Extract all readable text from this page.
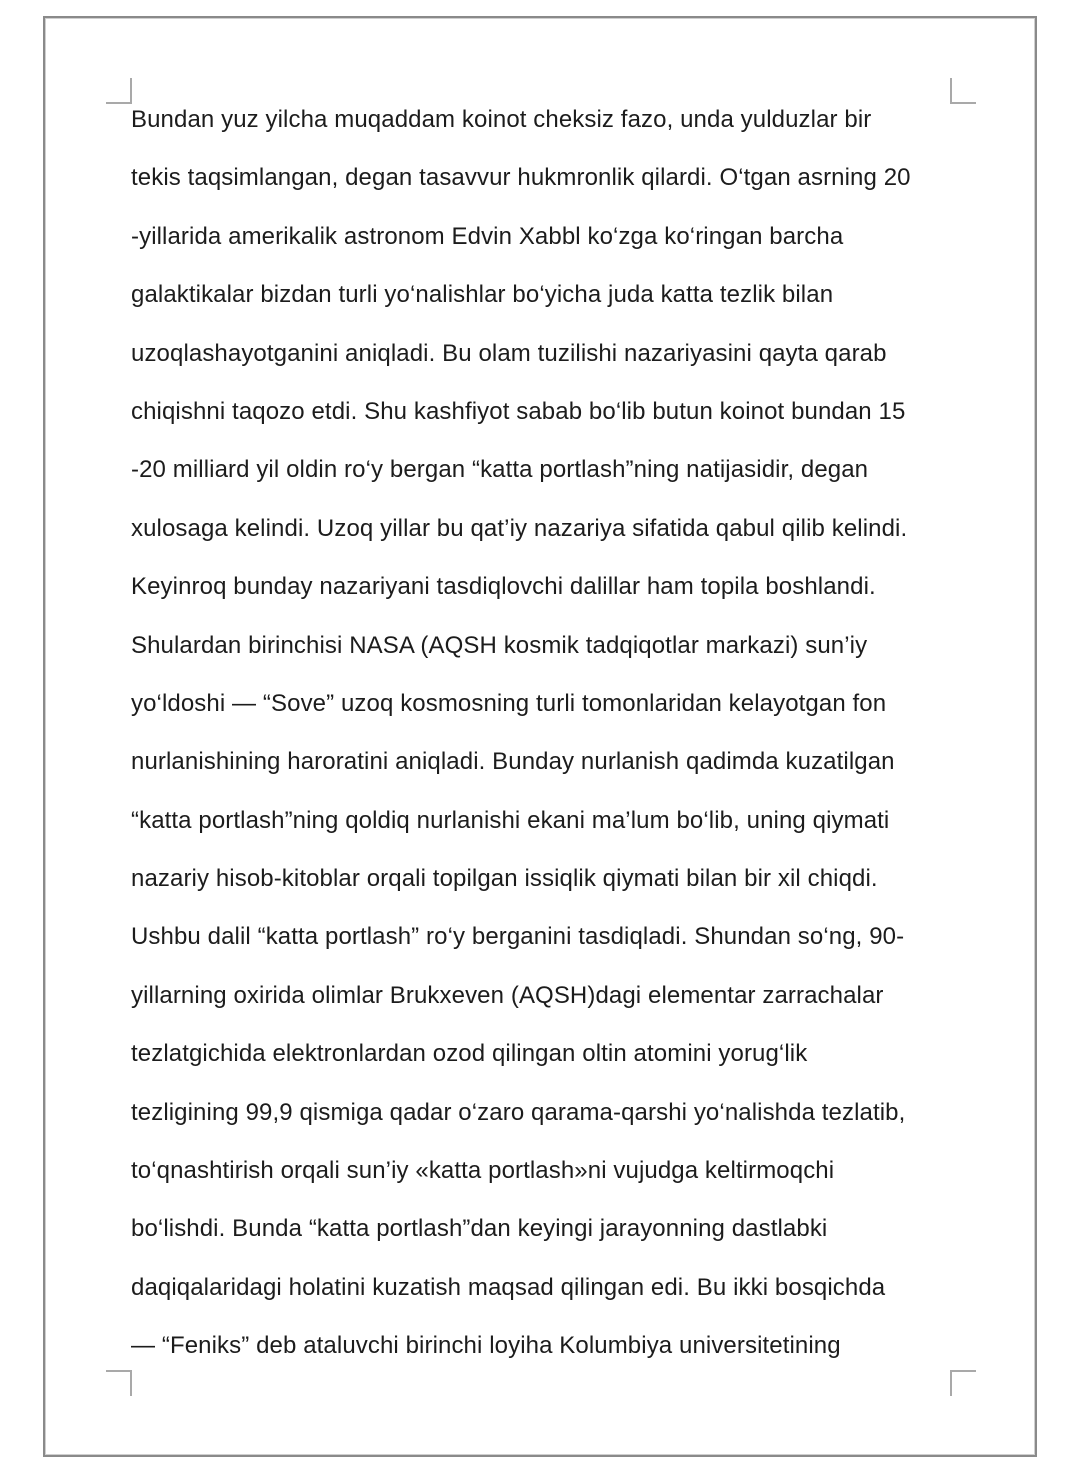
Bundan yuz yilcha muqaddam koinot cheksiz fazo, unda yulduzlar bir
tekis taqsimlangan, degan tasavvur hukmronlik qilardi. O‘tgan asrning 20
-yillarida amerikalik astronom Edvin Xabbl ko‘zga ko‘ringan barcha
galaktikalar bizdan turli yo‘nalishlar bo‘yicha juda katta tezlik bilan
uzoqlashayotganini aniqladi. Bu olam tuzilishi nazariyasini qayta qarab
chiqishni taqozo etdi. Shu kashfiyot sabab bo‘lib butun koinot bundan 15
-20 milliard yil oldin ro‘y bergan “katta portlash”ning natijasidir, degan
xulosaga kelindi. Uzoq yillar bu qat’iy nazariya sifatida qabul qilib kelindi.
Keyinroq bunday nazariyani tasdiqlovchi dalillar ham topila boshlandi.
Shulardan birinchisi NASA (AQSH kosmik tadqiqotlar markazi) sun’iy
yo‘ldoshi — “Sove” uzoq kosmosning turli tomonlaridan kelayotgan fon
nurlanishining haroratini aniqladi. Bunday nurlanish qadimda kuzatilgan
“katta portlash”ning qoldiq nurlanishi ekani ma’lum bo‘lib, uning qiymati
nazariy hisob-kitoblar orqali topilgan issiqlik qiymati bilan bir xil chiqdi.
Ushbu dalil “katta portlash” ro‘y berganini tasdiqladi. Shundan so‘ng, 90-
yillarning oxirida olimlar Brukxeven (AQSH)dagi elementar zarrachalar
tezlatgichida elektronlardan ozod qilingan oltin atomini yorug‘lik
tezligining 99,9 qismiga qadar o‘zaro qarama-qarshi yo‘nalishda tezlatib,
to‘qnashtirish orqali sun’iy «katta portlash»ni vujudga keltirmoqchi
bo‘lishdi. Bunda “katta portlash”dan keyingi jarayonning dastlabki
daqiqalaridagi holatini kuzatish maqsad qilingan edi. Bu ikki bosqichda
— “Feniks” deb ataluvchi birinchi loyiha Kolumbiya universitetining
